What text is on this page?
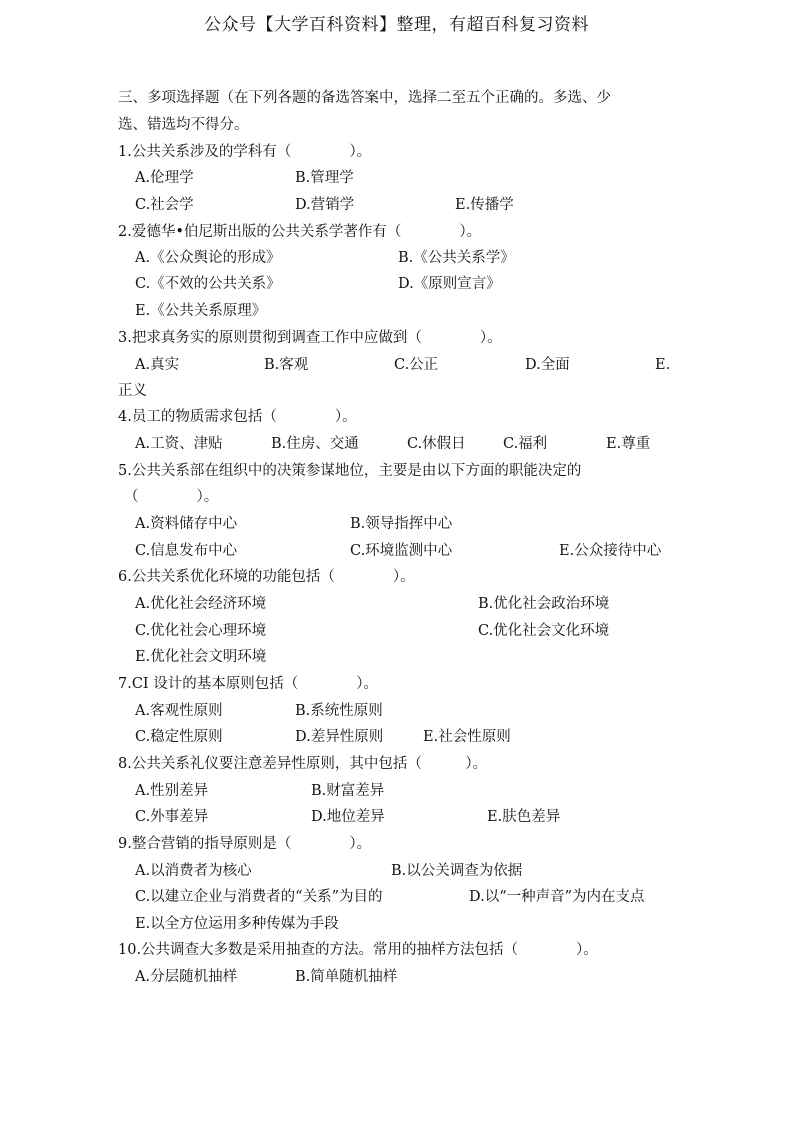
公众号【大学百科资料】整理，有超百科复习资料
三、多项选择题（在下列各题的备选答案中，选择二至五个正确的。多选、少
选、错选均不得分。
1.公共关系涉及的学科有（　　　　）。
A.伦理学	B.管理学
C.社会学	D.营销学	E.传播学
2.爱德华•伯尼斯出版的公共关系学著作有（　　　　）。
A.《公众舆论的形成》	B.《公共关系学》
C.《不效的公共关系》	D.《原则宣言》
E.《公共关系原理》
3.把求真务实的原则贯彻到调查工作中应做到（　　　　）。
A.真实	B.客观	C.公正	D.全面	E.
正义
4.员工的物质需求包括（　　　　）。
A.工资、津贴	B.住房、交通	C.休假日	C.福利	E.尊重
5.公共关系部在组织中的决策参谋地位，主要是由以下方面的职能决定的
（　　　　）。
A.资料储存中心	B.领导指挥中心
C.信息发布中心	C.环境监测中心	E.公众接待中心
6.公共关系优化环境的功能包括（　　　　）。
A.优化社会经济环境	B.优化社会政治环境
C.优化社会心理环境	C.优化社会文化环境
E.优化社会文明环境
7.CI 设计的基本原则包括（　　　　）。
A.客观性原则	B.系统性原则
C.稳定性原则	D.差异性原则	E.社会性原则
8.公共关系礼仪要注意差异性原则，其中包括（　　　）。
A.性别差异	B.财富差异
C.外事差异	D.地位差异	E.肤色差异
9.整合营销的指导原则是（　　　　）。
A.以消费者为核心	B.以公关调查为依据
C.以建立企业与消费者的“关系”为目的	D.以“一种声音”为内在支点
E.以全方位运用多种传媒为手段
10.公共调查大多数是采用抽查的方法。常用的抽样方法包括（　　　　）。
A.分层随机抽样	B.简单随机抽样
